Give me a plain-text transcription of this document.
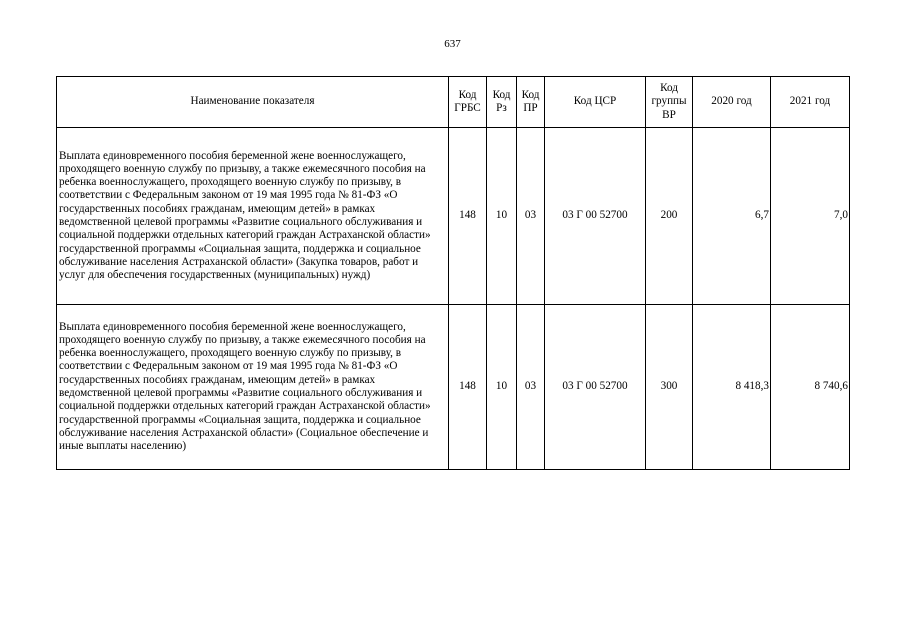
637
Наименование показателя	Код ГРБС	Код Рз	Код ПР	Код ЦСР	Код группы ВР	2020 год	2021 год
Выплата единовременного пособия беременной жене военнослужащего, проходящего военную службу по призыву, а также ежемесячного пособия на ребенка военнослужащего, проходящего военную службу по призыву, в соответствии с Федеральным законом от 19 мая 1995 года № 81-ФЗ «О государственных пособиях гражданам, имеющим детей» в рамках ведомственной целевой программы «Развитие социального обслуживания и социальной поддержки отдельных категорий граждан Астраханской области» государственной программы «Социальная защита, поддержка и социальное обслуживание населения Астраханской области» (Закупка товаров, работ и услуг для обеспечения государственных (муниципальных) нужд)	148	10	03	03 Г 00 52700	200	6,7	7,0
Выплата единовременного пособия беременной жене военнослужащего, проходящего военную службу по призыву, а также ежемесячного пособия на ребенка военнослужащего, проходящего военную службу по призыву, в соответствии с Федеральным законом от 19 мая 1995 года № 81-ФЗ «О государственных пособиях гражданам, имеющим детей» в рамках ведомственной целевой программы «Развитие социального обслуживания и социальной поддержки отдельных категорий граждан Астраханской области» государственной программы «Социальная защита, поддержка и социальное обслуживание населения Астраханской области» (Социальное обеспечение и иные выплаты населению)	148	10	03	03 Г 00 52700	300	8 418,3	8 740,6
